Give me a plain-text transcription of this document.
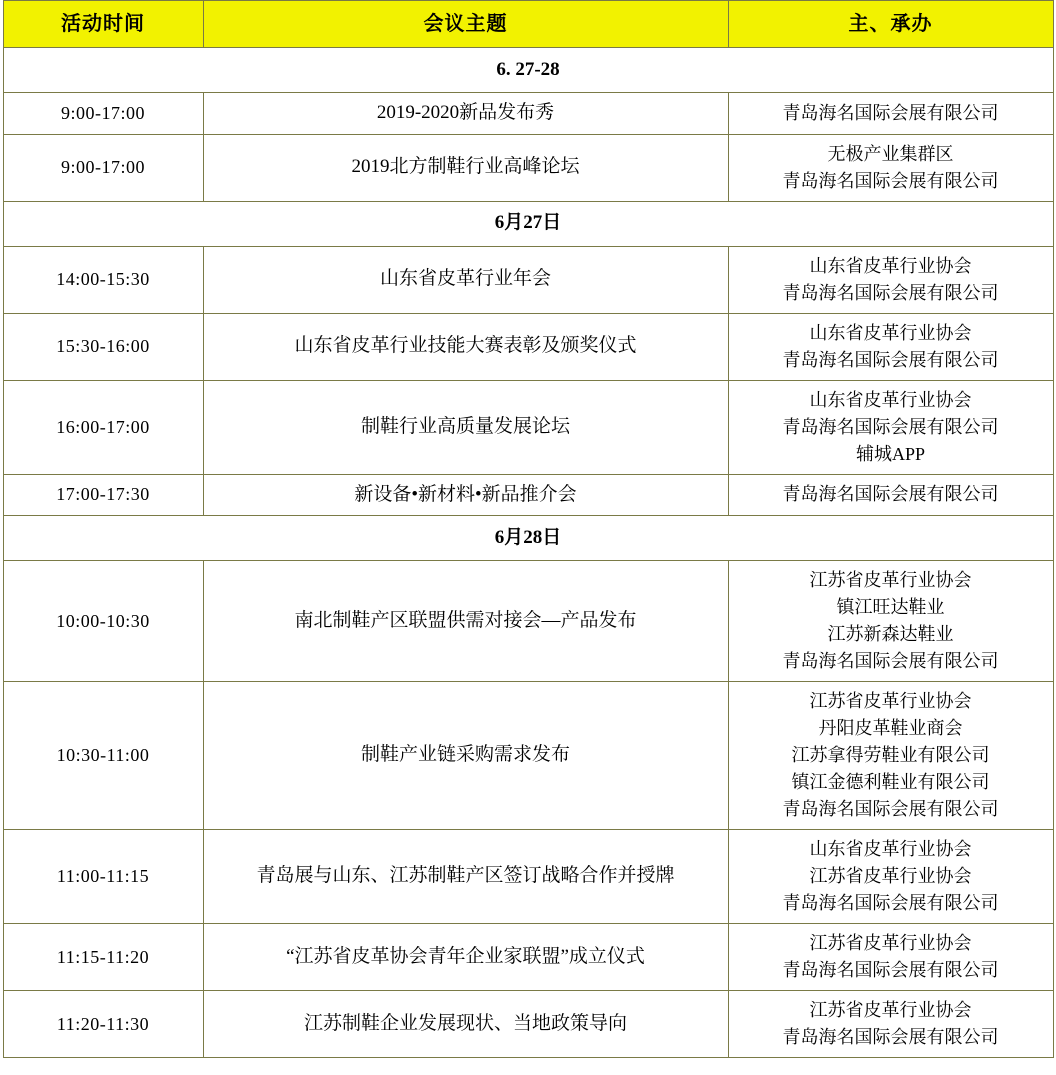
活动时间	会议主题	主、承办
6. 27-28		
9:00-17:00	2019-2020新品发布秀	青岛海名国际会展有限公司

9:00-17:00	2019北方制鞋行业高峰论坛	无极产业集群区
青岛海名国际会展有限公司

6月27日		
14:00-15:30	山东省皮革行业年会	山东省皮革行业协会
青岛海名国际会展有限公司

15:30-16:00	山东省皮革行业技能大赛表彰及颁奖仪式	山东省皮革行业协会
青岛海名国际会展有限公司

16:00-17:00	制鞋行业高质量发展论坛	山东省皮革行业协会
青岛海名国际会展有限公司
辅城APP

17:00-17:30	新设备•新材料•新品推介会	青岛海名国际会展有限公司

6月28日		
10:00-10:30	南北制鞋产区联盟供需对接会—产品发布	江苏省皮革行业协会
镇江旺达鞋业
江苏新森达鞋业
青岛海名国际会展有限公司

10:30-11:00	制鞋产业链采购需求发布	江苏省皮革行业协会
丹阳皮革鞋业商会
江苏拿得劳鞋业有限公司
镇江金德利鞋业有限公司
青岛海名国际会展有限公司

11:00-11:15	青岛展与山东、江苏制鞋产区签订战略合作并授牌	山东省皮革行业协会
江苏省皮革行业协会
青岛海名国际会展有限公司

11:15-11:20	“江苏省皮革协会青年企业家联盟”成立仪式	江苏省皮革行业协会
青岛海名国际会展有限公司

11:20-11:30	江苏制鞋企业发展现状、当地政策导向	江苏省皮革行业协会
青岛海名国际会展有限公司
